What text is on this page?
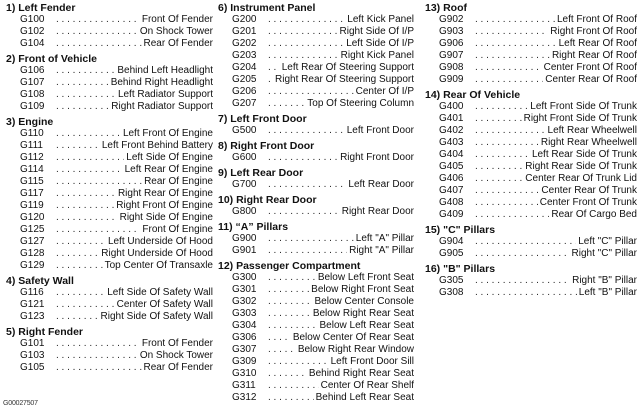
1) Left Fender
G100 . . .	Front Of Fender
G102 . . .	On Shock Tower
G104 . . .	Rear Of Fender
2) Front of Vehicle
G106 . . .	Behind Left Headlight
G107 . . .	Behind Right Headlight
G108 . . .	Left Radiator Support
G109 . . .	Right Radiator Support
3) Engine
G110 . . .	Left Front Of Engine
G111 . . .	Left Front Behind Battery
G112 . . .	Left Side Of Engine
G114 . . .	Left Rear Of Engine
G115 . . .	Rear Of Engine
G117 . . .	Right Rear Of Engine
G119 . . .	Right Front Of Engine
G120 . . .	Right Side Of Engine
G125 . . .	Front Of Engine
G127 . . .	Left Underside Of Hood
G128 . . .	Right Underside Of Hood
G129 . . .	Top Center Of Transaxle
4) Safety Wall
G116 . . .	Left Side Of Safety Wall
G121 . . .	Center Of Safety Wall
G123 . . .	Right Side Of Safety Wall
5) Right Fender
G101 . . .	Front Of Fender
G103 . . .	On Shock Tower
G105 . . .	Rear Of Fender
6) Instrument Panel
G200 . . .	Left Kick Panel
G201 . . .	Right Side Of I/P
G202 . . .	Left Side Of I/P
G203 . . .	Right Kick Panel
G204 . . .	Left Rear Of Steering Support
G205 . . .	Right Rear Of Steering Support
G206 . . .	Center Of I/P
G207 . . .	Top Of Steering Column
7) Left Front Door
G500 . . .	Left Front Door
8) Right Front Door
G600 . . .	Right Front Door
9) Left Rear Door
G700 . . .	Left Rear Door
10) Right Rear Door
G800 . . .	Right Rear Door
11) “A” Pillars
G900 . . .	Left "A" Pillar
G901 . . .	Right "A" Pillar
12) Passenger Compartment
G300 . . .	Below Left Front Seat
G301 . . .	Below Right Front Seat
G302 . . .	Below Center Console
G303 . . .	Below Right Rear Seat
G304 . . .	Below Left Rear Seat
G306 . . .	Below Center Of Rear Seat
G307 . . .	Below Right Rear Window
G309 . . .	Left Front Door Sill
G310 . . .	Behind Right Rear Seat
G311 . . .	Center Of Rear Shelf
G312 . . .	Behind Left Rear Seat
13) Roof
G902 . . .	Left Front Of Roof
G903 . . .	Right Front Of Roof
G906 . . .	Left Rear Of Roof
G907 . . .	Right Rear Of Roof
G908 . . .	Center Front Of Roof
G909 . . .	Center Rear Of Roof
14) Rear Of Vehicle
G400 . . .	Left Front Side Of Trunk
G401 . . .	Right Front Side Of Trunk
G402 . . .	Left Rear Wheelwell
G403 . . .	Right Rear Wheelwell
G404 . . .	Left Rear Side Of Trunk
G405 . . .	Right Rear Side Of Trunk
G406 . . .	Center Rear Of Trunk Lid
G407 . . .	Center Rear Of Trunk
G408 . . .	Center Front Of Trunk
G409 . . .	Rear Of Cargo Bed
15) "C" Pillars
G904 . . .	Left "C" Pillar
G905 . . .	Right "C" Pillar
16) "B" Pillars
G305 . . .	Right "B" Pillar
G308 . . .	Left "B" Pillar
G00027507
